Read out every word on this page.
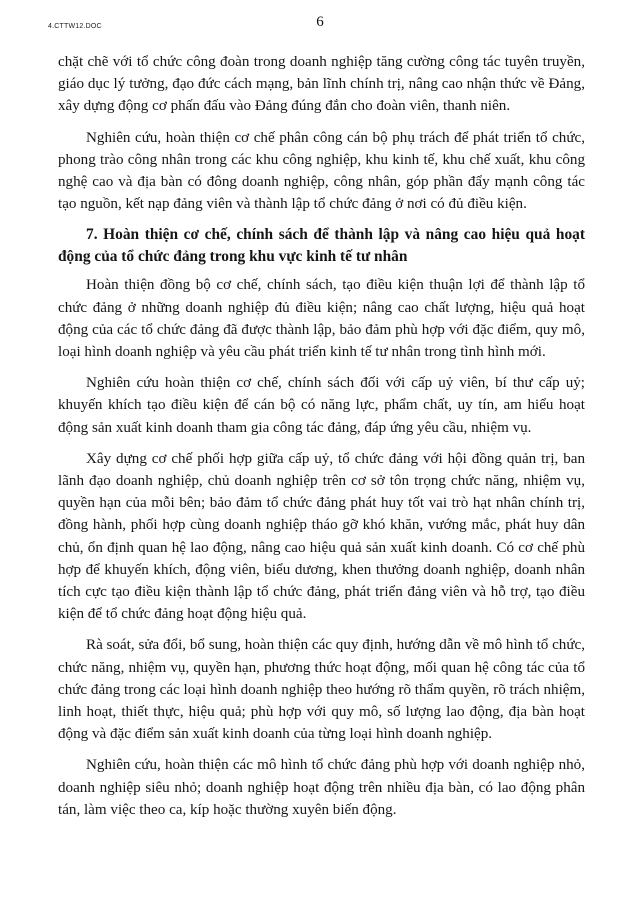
4.CTTW12.DOC	6

chặt chẽ với tổ chức công đoàn trong doanh nghiệp tăng cường công tác tuyên truyền, giáo dục lý tưởng, đạo đức cách mạng, bản lĩnh chính trị, nâng cao nhận thức về Đảng, xây dựng động cơ phấn đấu vào Đảng đúng đắn cho đoàn viên, thanh niên.

Nghiên cứu, hoàn thiện cơ chế phân công cán bộ phụ trách để phát triển tổ chức, phong trào công nhân trong các khu công nghiệp, khu kinh tế, khu chế xuất, khu công nghệ cao và địa bàn có đông doanh nghiệp, công nhân, góp phần đẩy mạnh công tác tạo nguồn, kết nạp đảng viên và thành lập tổ chức đảng ở nơi có đủ điều kiện.

7. Hoàn thiện cơ chế, chính sách để thành lập và nâng cao hiệu quả hoạt động của tổ chức đảng trong khu vực kinh tế tư nhân

Hoàn thiện đồng bộ cơ chế, chính sách, tạo điều kiện thuận lợi để thành lập tổ chức đảng ở những doanh nghiệp đủ điều kiện; nâng cao chất lượng, hiệu quả hoạt động của các tổ chức đảng đã được thành lập, bảo đảm phù hợp với đặc điểm, quy mô, loại hình doanh nghiệp và yêu cầu phát triển kinh tế tư nhân trong tình hình mới.

Nghiên cứu hoàn thiện cơ chế, chính sách đối với cấp uỷ viên, bí thư cấp uỷ; khuyến khích tạo điều kiện để cán bộ có năng lực, phẩm chất, uy tín, am hiểu hoạt động sản xuất kinh doanh tham gia công tác đảng, đáp ứng yêu cầu, nhiệm vụ.

Xây dựng cơ chế phối hợp giữa cấp uỷ, tổ chức đảng với hội đồng quản trị, ban lãnh đạo doanh nghiệp, chủ doanh nghiệp trên cơ sở tôn trọng chức năng, nhiệm vụ, quyền hạn của mỗi bên; bảo đảm tổ chức đảng phát huy tốt vai trò hạt nhân chính trị, đồng hành, phối hợp cùng doanh nghiệp tháo gỡ khó khăn, vướng mắc, phát huy dân chủ, ổn định quan hệ lao động, nâng cao hiệu quả sản xuất kinh doanh. Có cơ chế phù hợp để khuyến khích, động viên, biểu dương, khen thưởng doanh nghiệp, doanh nhân tích cực tạo điều kiện thành lập tổ chức đảng, phát triển đảng viên và hỗ trợ, tạo điều kiện để tổ chức đảng hoạt động hiệu quả.

Rà soát, sửa đổi, bổ sung, hoàn thiện các quy định, hướng dẫn về mô hình tổ chức, chức năng, nhiệm vụ, quyền hạn, phương thức hoạt động, mối quan hệ công tác của tổ chức đảng trong các loại hình doanh nghiệp theo hướng rõ thẩm quyền, rõ trách nhiệm, linh hoạt, thiết thực, hiệu quả; phù hợp với quy mô, số lượng lao động, địa bàn hoạt động và đặc điểm sản xuất kinh doanh của từng loại hình doanh nghiệp.

Nghiên cứu, hoàn thiện các mô hình tổ chức đảng phù hợp với doanh nghiệp nhỏ, doanh nghiệp siêu nhỏ; doanh nghiệp hoạt động trên nhiều địa bàn, có lao động phân tán, làm việc theo ca, kíp hoặc thường xuyên biến động.
